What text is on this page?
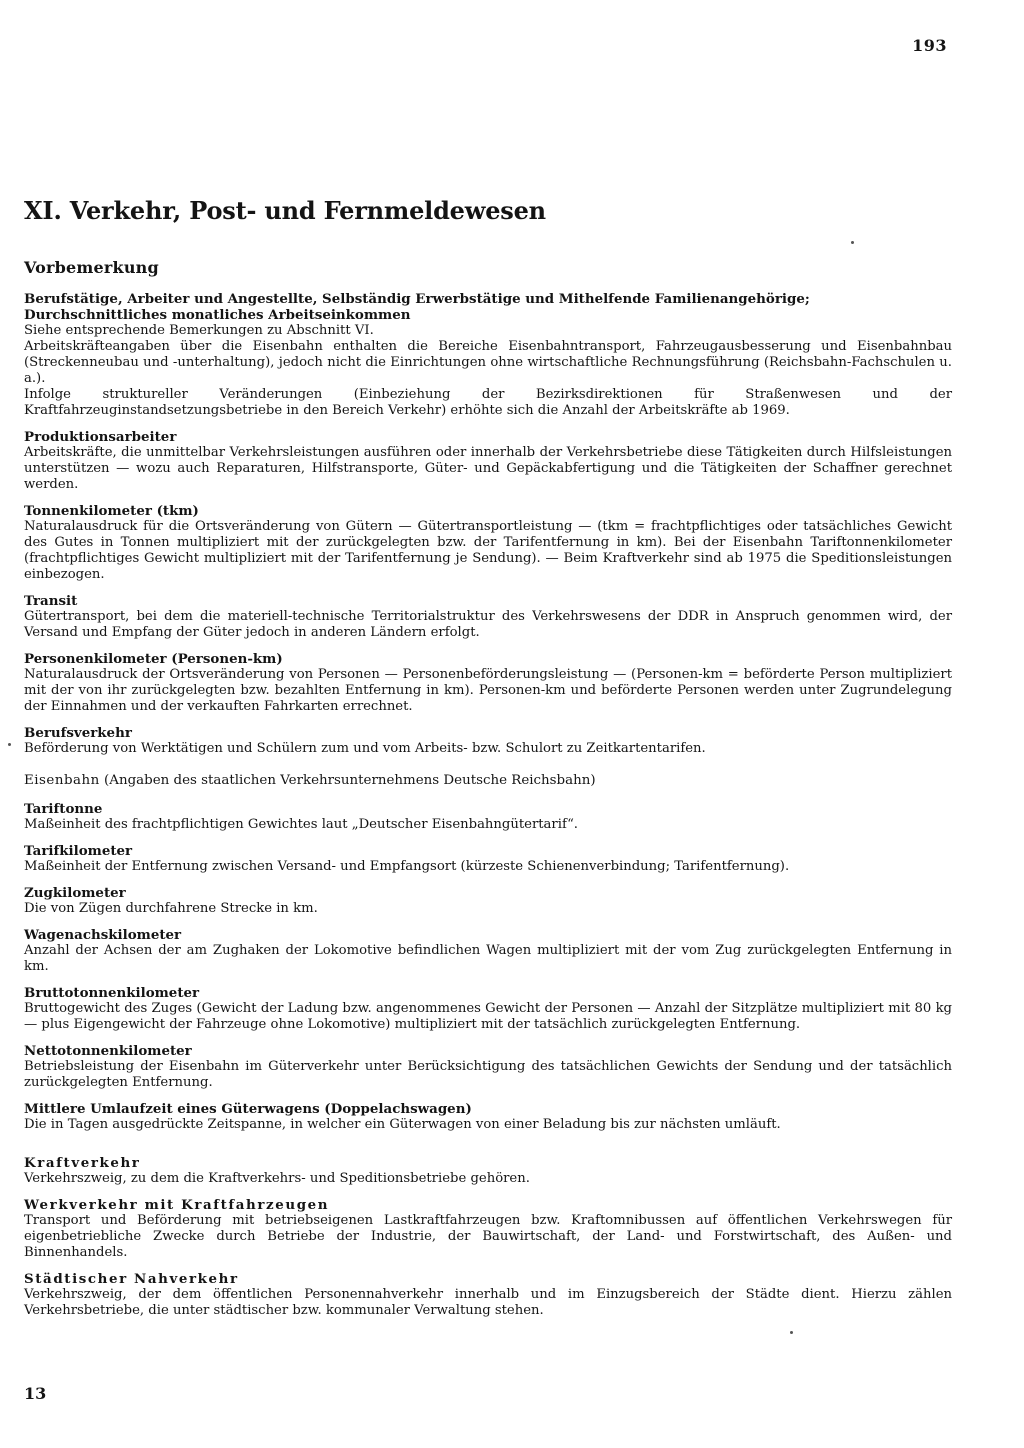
193
XI. Verkehr, Post- und Fernmeldewesen
Vorbemerkung
Berufstätige, Arbeiter und Angestellte, Selbständig Erwerbstätige und Mithelfende Familienangehörige; Durchschnittliches monatliches Arbeitseinkommen

Siehe entsprechende Bemerkungen zu Abschnitt VI.

Arbeitskräfteangaben über die Eisenbahn enthalten die Bereiche Eisenbahntransport, Fahrzeugausbesserung und Eisenbahnbau (Streckenneubau und -unterhaltung), jedoch nicht die Einrichtungen ohne wirtschaftliche Rechnungsführung (Reichsbahn-Fachschulen u. a.).

Infolge struktureller Veränderungen (Einbeziehung der Bezirksdirektionen für Straßenwesen und der Kraftfahrzeuginstandsetzungsbetriebe in den Bereich Verkehr) erhöhte sich die Anzahl der Arbeitskräfte ab 1969.

Produktionsarbeiter

Arbeitskräfte, die unmittelbar Verkehrsleistungen ausführen oder innerhalb der Verkehrsbetriebe diese Tätigkeiten durch Hilfsleistungen unterstützen — wozu auch Reparaturen, Hilfstransporte, Güter- und Gepäckabfertigung und die Tätigkeiten der Schaffner gerechnet werden.

Tonnenkilometer (tkm)

Naturalausdruck für die Ortsveränderung von Gütern — Gütertransportleistung — (tkm = frachtpflichtiges oder tatsächliches Gewicht des Gutes in Tonnen multipliziert mit der zurückgelegten bzw. der Tarifentfernung in km). Bei der Eisenbahn Tariftonnenkilometer (frachtpflichtiges Gewicht multipliziert mit der Tarifentfernung je Sendung). — Beim Kraftverkehr sind ab 1975 die Speditionsleistungen einbezogen.

Transit

Gütertransport, bei dem die materiell-technische Territorialstruktur des Verkehrswesens der DDR in Anspruch genommen wird, der Versand und Empfang der Güter jedoch in anderen Ländern erfolgt.

Personenkilometer (Personen-km)

Naturalausdruck der Ortsveränderung von Personen — Personenbeförderungsleistung — (Personen-km = beförderte Person multipliziert mit der von ihr zurückgelegten bzw. bezahlten Entfernung in km). Personen-km und beförderte Personen werden unter Zugrundelegung der Einnahmen und der verkauften Fahrkarten errechnet.

Berufsverkehr

Beförderung von Werktätigen und Schülern zum und vom Arbeits- bzw. Schulort zu Zeitkartentarifen.

Eisenbahn (Angaben des staatlichen Verkehrsunternehmens Deutsche Reichsbahn)
Tariftonne

Maßeinheit des frachtpflichtigen Gewichtes laut „Deutscher Eisenbahngütertarif“.

Tarifkilometer

Maßeinheit der Entfernung zwischen Versand- und Empfangsort (kürzeste Schienenverbindung; Tarifentfernung).

Zugkilometer

Die von Zügen durchfahrene Strecke in km.

Wagenachskilometer

Anzahl der Achsen der am Zughaken der Lokomotive befindlichen Wagen multipliziert mit der vom Zug zurückgelegten Entfernung in km.

Bruttotonnenkilometer

Bruttogewicht des Zuges (Gewicht der Ladung bzw. angenommenes Gewicht der Personen — Anzahl der Sitzplätze multipliziert mit 80 kg — plus Eigengewicht der Fahrzeuge ohne Lokomotive) multipliziert mit der tatsächlich zurückgelegten Entfernung.

Nettotonnenkilometer

Betriebsleistung der Eisenbahn im Güterverkehr unter Berücksichtigung des tatsächlichen Gewichts der Sendung und der tatsächlich zurückgelegten Entfernung.

Mittlere Umlaufzeit eines Güterwagens (Doppelachswagen)

Die in Tagen ausgedrückte Zeitspanne, in welcher ein Güterwagen von einer Beladung bis zur nächsten umläuft.

Kraftverkehr

Verkehrszweig, zu dem die Kraftverkehrs- und Speditionsbetriebe gehören.

Werkverkehr mit Kraftfahrzeugen

Transport und Beförderung mit betriebseigenen Lastkraftfahrzeugen bzw. Kraftomnibussen auf öffentlichen Verkehrswegen für eigenbetriebliche Zwecke durch Betriebe der Industrie, der Bauwirtschaft, der Land- und Forstwirtschaft, des Außen- und Binnenhandels.

Städtischer Nahverkehr

Verkehrszweig, der dem öffentlichen Personennahverkehr innerhalb und im Einzugsbereich der Städte dient. Hierzu zählen Verkehrsbetriebe, die unter städtischer bzw. kommunaler Verwaltung stehen.

13
